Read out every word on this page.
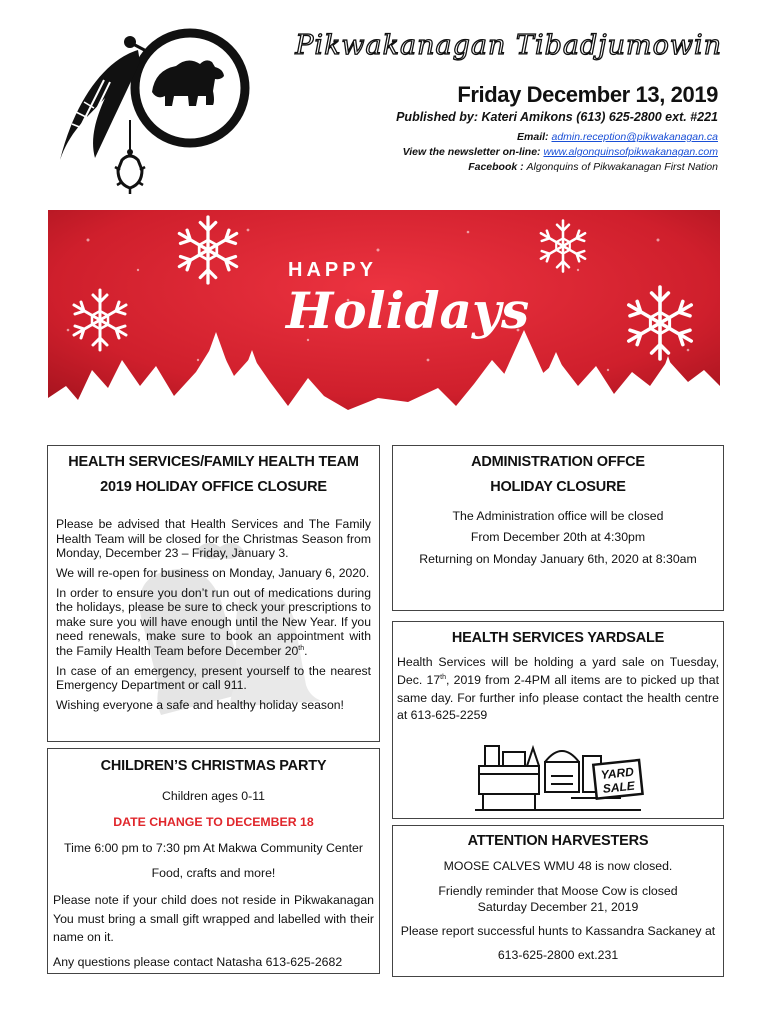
Pikwakanagan Tibadjumowin
Friday December 13, 2019
Published by: Kateri Amikons (613) 625-2800 ext. #221
Email: admin.reception@pikwakanagan.ca
View the newsletter on-line: www.algonquinsofpikwakanagan.com
Facebook : Algonquins of Pikwakanagan First Nation
HAPPY
Holidays
HEALTH SERVICES/FAMILY HEALTH TEAM
2019 HOLIDAY OFFICE CLOSURE

Please be advised that Health Services and The Family Health Team will be closed for the Christmas Season from Monday, December 23 – Friday, January 3.

We will re-open for business on Monday, January 6, 2020.

In order to ensure you don’t run out of medications during the holidays, please be sure to check your prescriptions to make sure you will have enough until the New Year. If you need renewals, make sure to book an appointment with the Family Health Team before December 20th.

In case of an emergency, present yourself to the nearest Emergency Department or call 911.

Wishing everyone a safe and healthy holiday season!

ADMINISTRATION OFFCE
HOLIDAY CLOSURE

The Administration office will be closed

From December 20th at 4:30pm

Returning on Monday January 6th, 2020 at 8:30am

HEALTH SERVICES YARDSALE

Health Services will be holding a yard sale on Tuesday, Dec. 17th, 2019 from 2-4PM all items are to picked up that same day. For further info please contact the health centre at 613-625-2259

YARD
SALE
CHILDREN’S CHRISTMAS PARTY

Children ages 0-11

DATE CHANGE TO DECEMBER 18

Time 6:00 pm to 7:30 pm At Makwa Community Center

Food, crafts and more!

Please note if your child does not reside in Pikwakanagan You must bring a small gift wrapped and labelled with their name on it.

Any questions please contact Natasha 613-625-2682

ATTENTION HARVESTERS

MOOSE CALVES WMU 48 is now closed.

Friendly reminder that Moose Cow is closed
Saturday December 21, 2019

Please report successful hunts to Kassandra Sackaney at

613-625-2800 ext.231
